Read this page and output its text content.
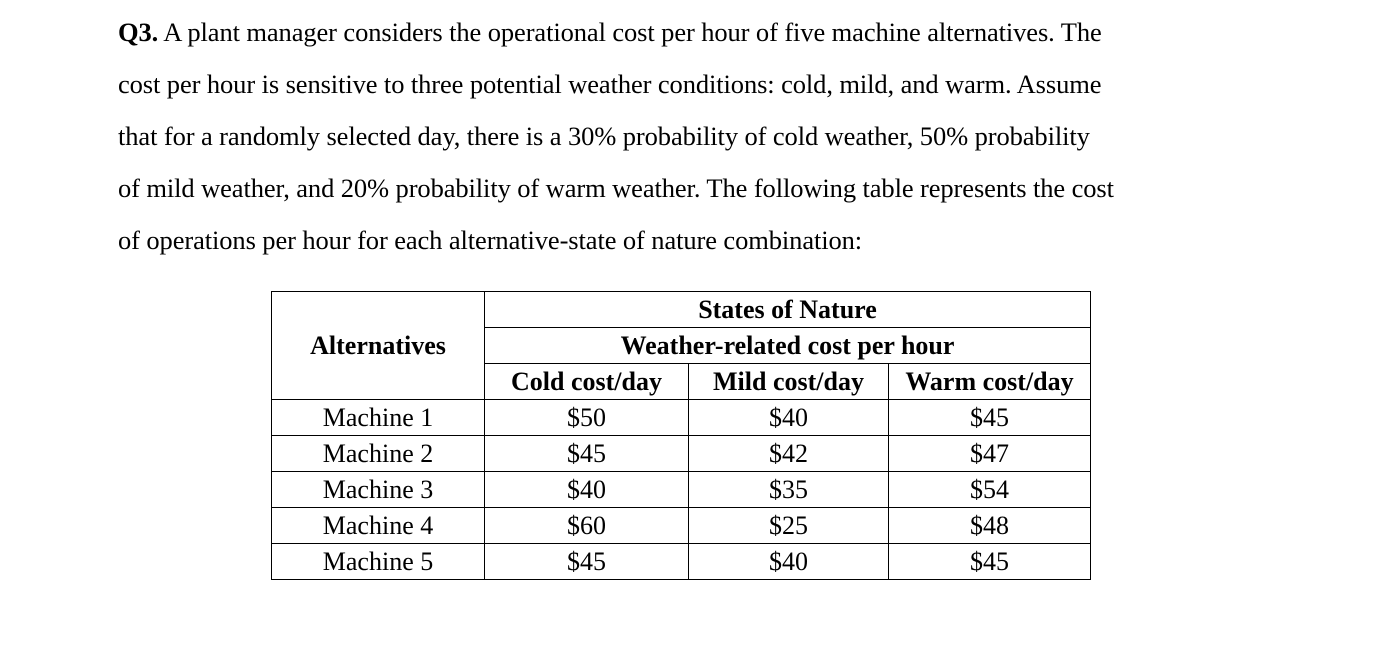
Q3. A plant manager considers the operational cost per hour of five machine alternatives. The
cost per hour is sensitive to three potential weather conditions: cold, mild, and warm. Assume
that for a randomly selected day, there is a 30% probability of cold weather, 50% probability
of mild weather, and 20% probability of warm weather. The following table represents the cost
of operations per hour for each alternative-state of nature combination:
Alternatives	States of Nature		
	Weather-related cost per hour		
	Cold cost/day	Mild cost/day	Warm cost/day
Machine 1	$50	$40	$45
Machine 2	$45	$42	$47
Machine 3	$40	$35	$54
Machine 4	$60	$25	$48
Machine 5	$45	$40	$45
